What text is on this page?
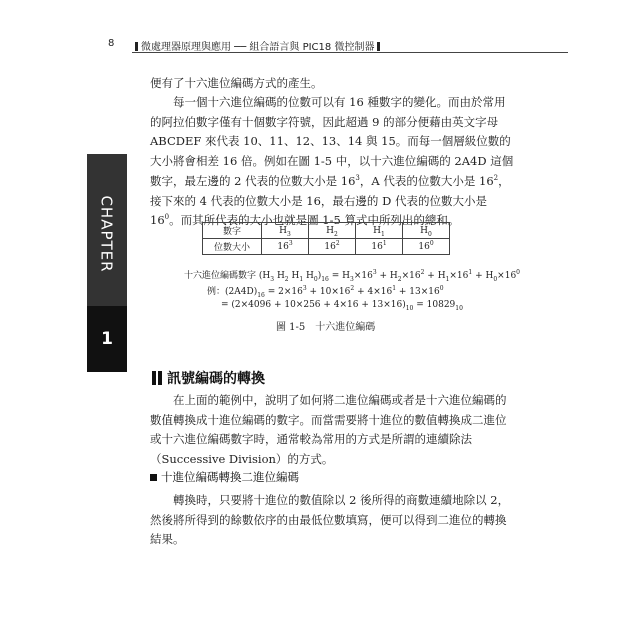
8	微處理器原理與應用 ── 組合語言與 PIC18 微控制器
CHAPTER
1
便有了十六進位編碼方式的產生。
每一個十六進位編碼的位數可以有 16 種數字的變化。而由於常用的阿拉伯數字僅有十個數字符號，因此超過 9 的部分便藉由英文字母 ABCDEF 來代表 10、11、12、13、14 與 15。而每一個層級位數的大小將會相差 16 倍。例如在圖 1-5 中，以十六進位編碼的 2A4D 這個數字，最左邊的 2 代表的位數大小是 $16^3$，A 代表的位數大小是 $16^2$，接下來的 4 代表的位數大小是 16，最右邊的 D 代表的位數大小是 $16^0$。而其所代表的大小也就是圖 1-5 算式中所列出的總和。
數字	$H_3$	$H_2$	$H_1$	$H_0$
位數大小	$16^3$	$16^2$	$16^1$	$16^0$
十六進位編碼數字 ($H_3$ $H_2$ $H_1$ $H_0)_{16} = H_3\times 16^3 + H_2\times 16^2 + H_1\times 16^1 + H_0\times 16^0$
例：$(2A4D)_{16} = 2\times 16^3 + 10\times 16^2 + 4\times 16^1 + 13\times 16^0$
= $(2\times 4096 + 10\times 256 + 4\times 16 + 13\times 16)_{10} = 10829_{10}$
圖 1-5　十六進位編碼
訊號編碼的轉換
在上面的範例中，說明了如何將二進位編碼或者是十六進位編碼的數值轉換成十進位編碼的數字。而當需要將十進位的數值轉換成二進位或十六進位編碼數字時，通常較為常用的方式是所謂的連續除法（Successive Division）的方式。
十進位編碼轉換二進位編碼
轉換時，只要將十進位的數值除以 2 後所得的商數連續地除以 2，然後將所得到的餘數依序的由最低位數填寫，便可以得到二進位的轉換結果。
